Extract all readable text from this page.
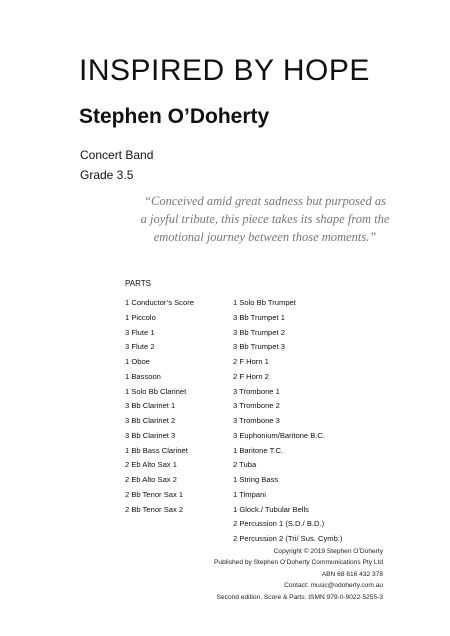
INSPIRED BY HOPE
Stephen O’Doherty
Concert Band
Grade 3.5
“Conceived amid great sadness but purposed as a joyful tribute, this piece takes its shape from the emotional journey between those moments.”
PARTS
1 Conductor’s Score
1 Piccolo
3 Flute 1
3 Flute 2
1 Oboe
1 Bassoon
1 Solo Bb Clarinet
3 Bb Clarinet 1
3 Bb Clarinet 2
3 Bb Clarinet 3
1 Bb Bass Clarinet
2 Eb Alto Sax 1
2 Eb Alto Sax 2
2 Bb Tenor Sax 1
2 Bb Tenor Sax 2
1 Solo Bb Trumpet
3 Bb Trumpet 1
3 Bb Trumpet 2
3 Bb Trumpet 3
2 F Horn 1
2 F Horn 2
3 Trombone 1
3 Trombone 2
3 Trombone 3
3 Euphonium/Baritone B.C.
1 Baritone T.C.
2 Tuba
1 String Bass
1 Timpani
1 Glock./ Tubular Bells
2 Percussion 1 (S.D./ B.D.)
2 Percussion 2 (Tri/ Sus. Cymb.)
Copyright © 2019 Stephen O’Doherty
Published by Stephen O’Doherty Communications Pty Ltd
ABN 68 616 432 378
Contact: music@odoherty.com.au
Second edition. Score & Parts: ISMN 979-0-9022-5255-3
